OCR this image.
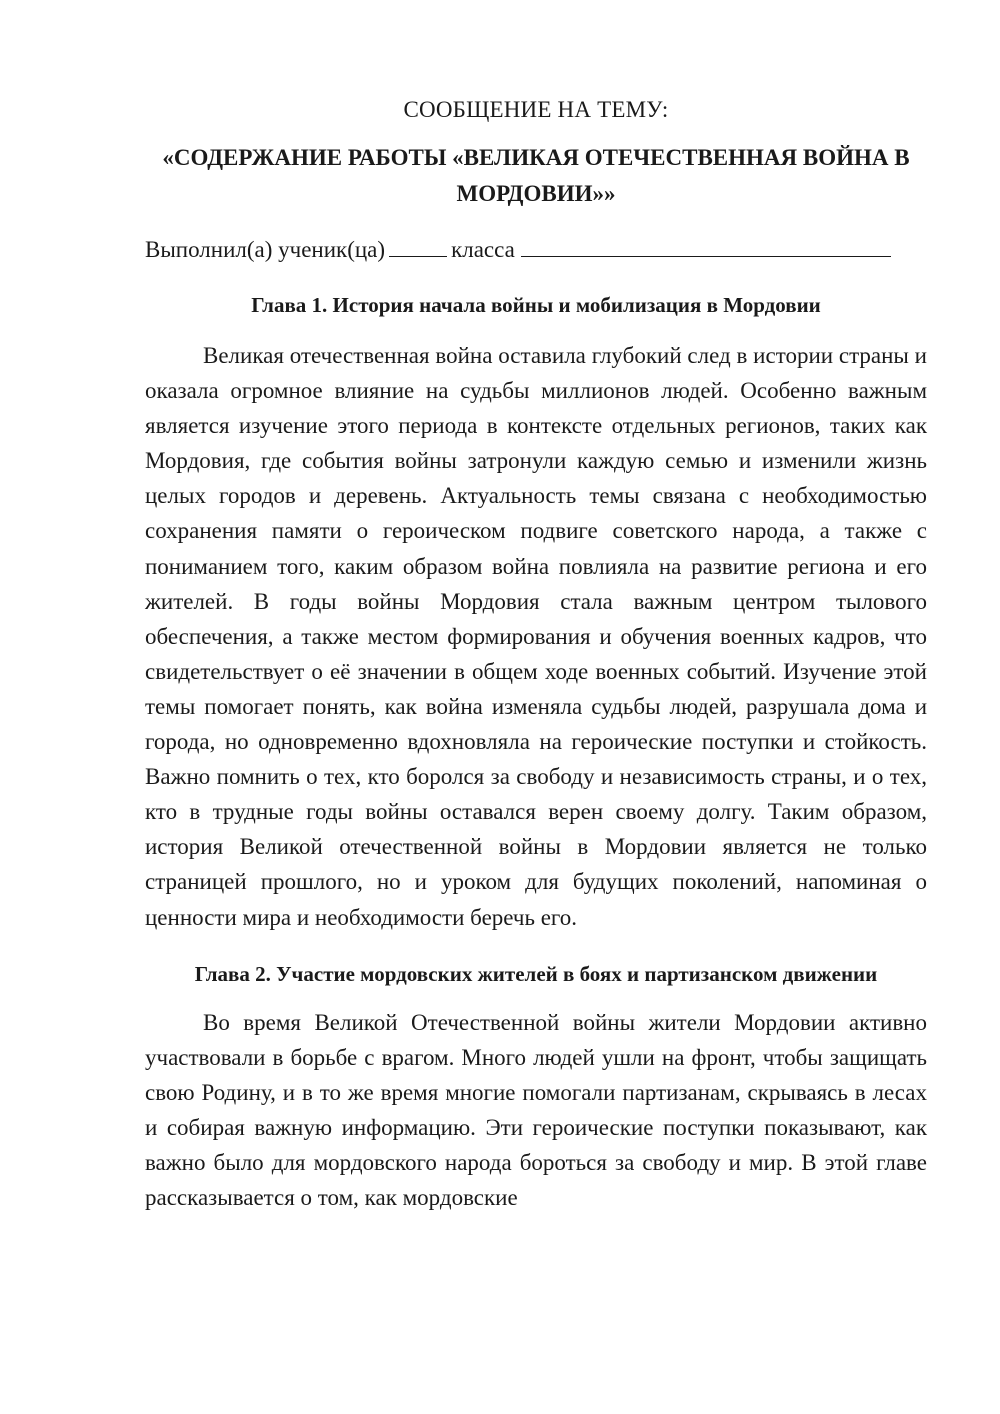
СООБЩЕНИЕ НА ТЕМУ:

«СОДЕРЖАНИЕ РАБОТЫ «ВЕЛИКАЯ ОТЕЧЕСТВЕННАЯ ВОЙНА В МОРДОВИИ»»

Выполнил(а) ученик(ца)	класса

Глава 1. История начала войны и мобилизация в Мордовии

Великая отечественная война оставила глубокий след в истории страны и оказала огромное влияние на судьбы миллионов людей. Особенно важным является изучение этого периода в контексте отдельных регионов, таких как Мордовия, где события войны затронули каждую семью и изменили жизнь целых городов и деревень. Актуальность темы связана с необходимостью сохранения памяти о героическом подвиге советского народа, а также с пониманием того, каким образом война повлияла на развитие региона и его жителей. В годы войны Мордовия стала важным центром тылового обеспечения, а также местом формирования и обучения военных кадров, что свидетельствует о её значении в общем ходе военных событий. Изучение этой темы помогает понять, как война изменяла судьбы людей, разрушала дома и города, но одновременно вдохновляла на героические поступки и стойкость. Важно помнить о тех, кто боролся за свободу и независимость страны, и о тех, кто в трудные годы войны оставался верен своему долгу. Таким образом, история Великой отечественной войны в Мордовии является не только страницей прошлого, но и уроком для будущих поколений, напоминая о ценности мира и необходимости беречь его.

Глава 2. Участие мордовских жителей в боях и партизанском движении

Во время Великой Отечественной войны жители Мордовии активно участвовали в борьбе с врагом. Много людей ушли на фронт, чтобы защищать свою Родину, и в то же время многие помогали партизанам, скрываясь в лесах и собирая важную информацию. Эти героические поступки показывают, как важно было для мордовского народа бороться за свободу и мир. В этой главе рассказывается о том, как мордовские
